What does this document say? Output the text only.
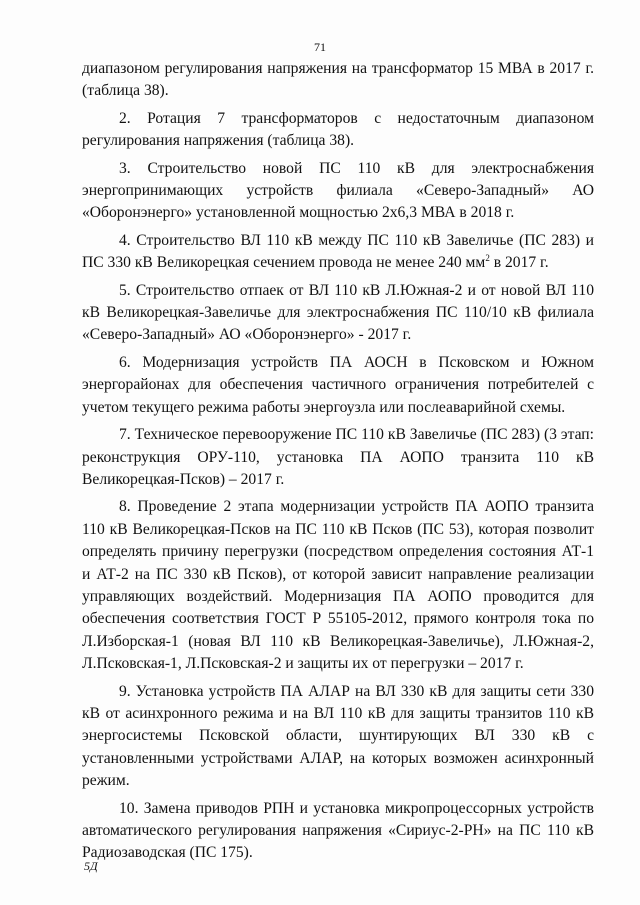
71

диапазоном регулирования напряжения на трансформатор 15 МВА в 2017 г. (таблица 38).

2. Ротация 7 трансформаторов с недостаточным диапазоном регулирования напряжения (таблица 38).

3. Строительство новой ПС 110 кВ для электроснабжения энергопринимающих устройств филиала «Северо-Западный» АО «Оборонэнерго» установленной мощностью 2х6,3 МВА в 2018 г.

4. Строительство ВЛ 110 кВ между ПС 110 кВ Завеличье (ПС 283) и ПС 330 кВ Великорецкая сечением провода не менее 240 $мм^2$ в 2017 г.

5. Строительство отпаек от ВЛ 110 кВ Л.Южная-2 и от новой ВЛ 110 кВ Великорецкая-Завеличье для электроснабжения ПС 110/10 кВ филиала «Северо-Западный» АО «Оборонэнерго» - 2017 г.

6. Модернизация устройств ПА АОСН в Псковском и Южном энергорайонах для обеспечения частичного ограничения потребителей с учетом текущего режима работы энергоузла или послеаварийной схемы.

7. Техническое перевооружение ПС 110 кВ Завеличье (ПС 283) (3 этап: реконструкция ОРУ-110, установка ПА АОПО транзита 110 кВ Великорецкая-Псков) – 2017 г.

8. Проведение 2 этапа модернизации устройств ПА АОПО транзита 110 кВ Великорецкая-Псков на ПС 110 кВ Псков (ПС 53), которая позволит определять причину перегрузки (посредством определения состояния АТ-1 и АТ-2 на ПС 330 кВ Псков), от которой зависит направление реализации управляющих воздействий. Модернизация ПА АОПО проводится для обеспечения соответствия ГОСТ Р 55105-2012, прямого контроля тока по Л.Изборская-1 (новая ВЛ 110 кВ Великорецкая-Завеличье), Л.Южная-2, Л.Псковская-1, Л.Псковская-2 и защиты их от перегрузки – 2017 г.

9. Установка устройств ПА АЛАР на ВЛ 330 кВ для защиты сети 330 кВ от асинхронного режима и на ВЛ 110 кВ для защиты транзитов 110 кВ энергосистемы Псковской области, шунтирующих ВЛ 330 кВ с установленными устройствами АЛАР, на которых возможен асинхронный режим.

10. Замена приводов РПН и установка микропроцессорных устройств автоматического регулирования напряжения «Сириус-2-РН» на ПС 110 кВ Радиозаводская (ПС 175).

5Д
